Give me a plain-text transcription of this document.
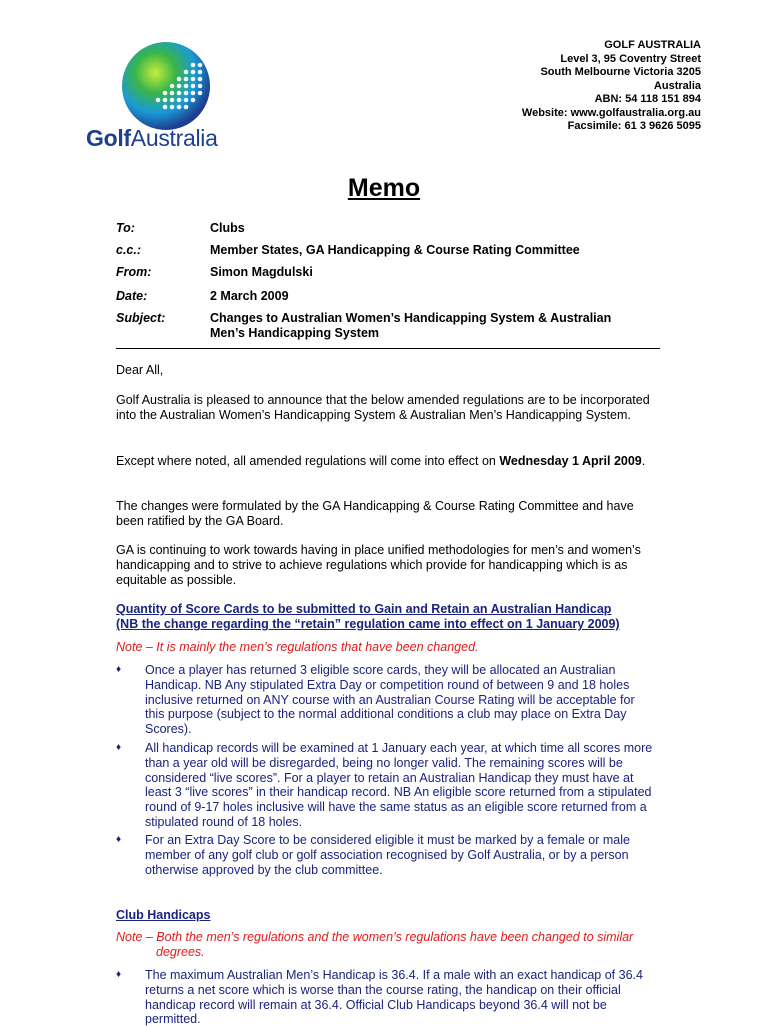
GolfAustralia
GOLF AUSTRALIA
Level 3, 95 Coventry Street
South Melbourne Victoria 3205
Australia
ABN: 54 118 151 894
Website: www.golfaustralia.org.au
Facsimile: 61 3 9626 5095
Memo
To:	Clubs
c.c.:	Member States, GA Handicapping & Course Rating Committee
From:	Simon Magdulski
Date:	2 March 2009
Subject:	Changes to Australian Women’s Handicapping System & Australian
Men’s Handicapping System

Dear All,

Golf Australia is pleased to announce that the below amended regulations are to be incorporated into the Australian Women’s Handicapping System & Australian Men’s Handicapping System.

Except where noted, all amended regulations will come into effect on Wednesday 1 April 2009.

The changes were formulated by the GA Handicapping & Course Rating Committee and have been ratified by the GA Board.

GA is continuing to work towards having in place unified methodologies for men’s and women’s handicapping and to strive to achieve regulations which provide for handicapping which is as equitable as possible.

Quantity of Score Cards to be submitted to Gain and Retain an Australian Handicap
(NB the change regarding the “retain” regulation came into effect on 1 January 2009)

Note – It is mainly the men’s regulations that have been changed.

♦	Once a player has returned 3 eligible score cards, they will be allocated an Australian Handicap. NB Any stipulated Extra Day or competition round of between 9 and 18 holes inclusive returned on ANY course with an Australian Course Rating will be acceptable for this purpose (subject to the normal additional conditions a club may place on Extra Day Scores).
♦	All handicap records will be examined at 1 January each year, at which time all scores more than a year old will be disregarded, being no longer valid. The remaining scores will be considered “live scores”. For a player to retain an Australian Handicap they must have at least 3 “live scores” in their handicap record. NB An eligible score returned from a stipulated round of 9-17 holes inclusive will have the same status as an eligible score returned from a stipulated round of 18 holes.
♦	For an Extra Day Score to be considered eligible it must be marked by a female or male member of any golf club or golf association recognised by Golf Australia, or by a person otherwise approved by the club committee.
Club Handicaps

Note – Both the men’s regulations and the women’s regulations have been changed to similar
degrees.

♦	The maximum Australian Men’s Handicap is 36.4. If a male with an exact handicap of 36.4 returns a net score which is worse than the course rating, the handicap on their official handicap record will remain at 36.4. Official Club Handicaps beyond 36.4 will not be permitted.
